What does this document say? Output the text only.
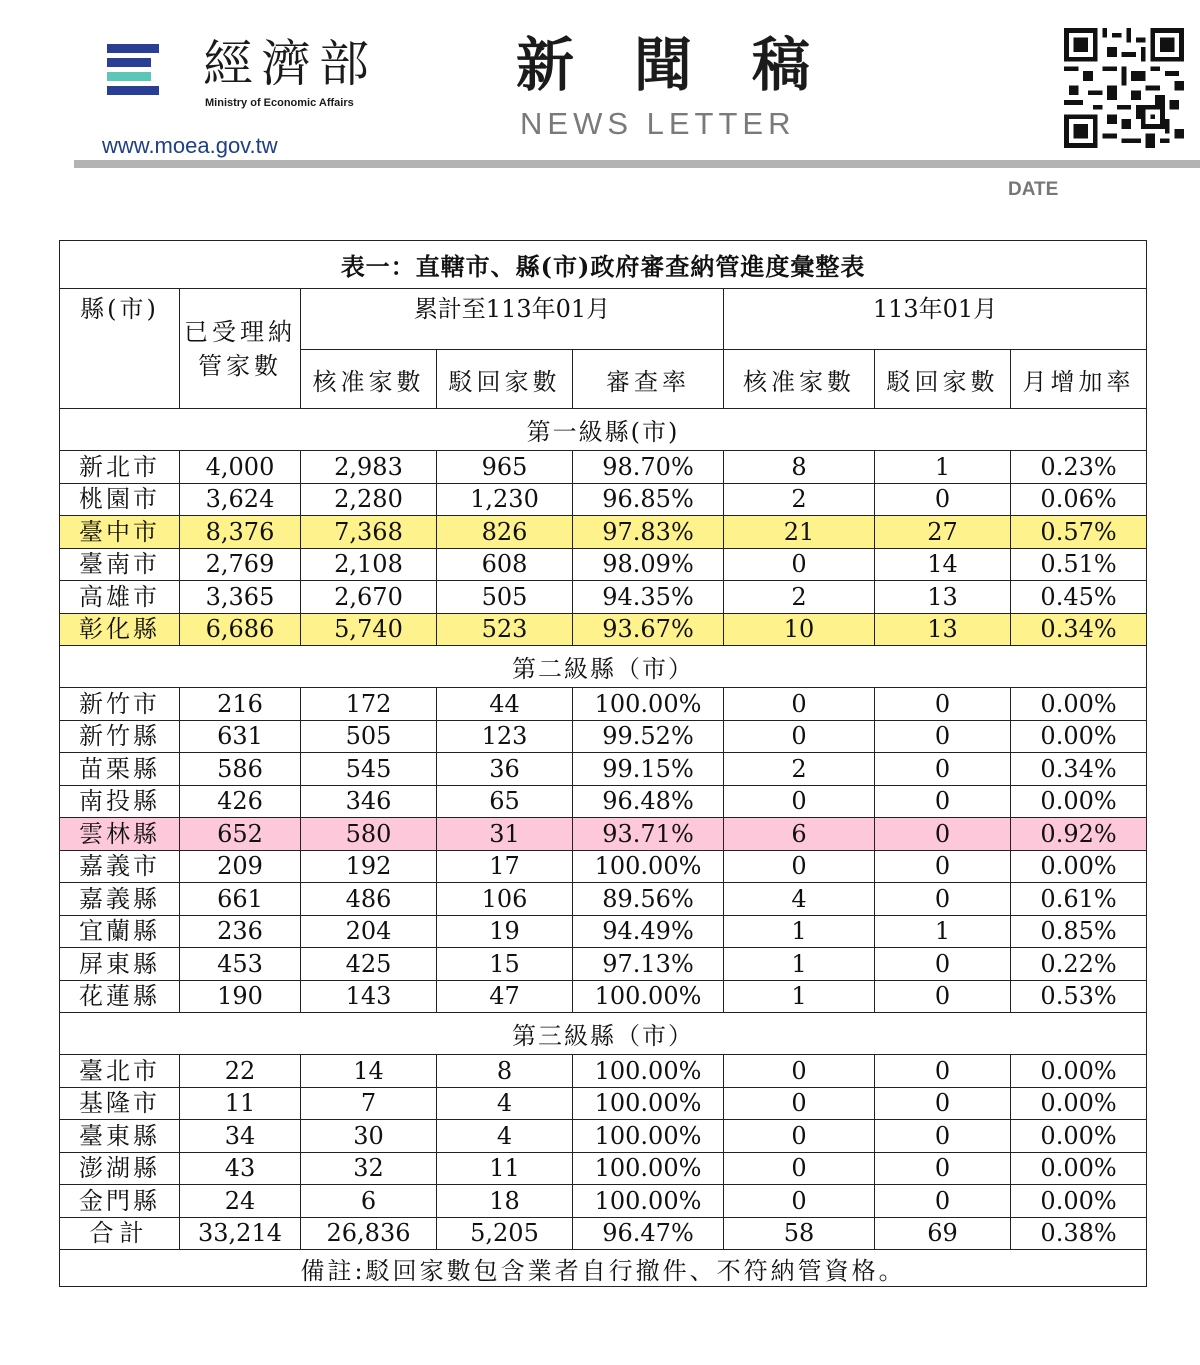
經濟部
Ministry of Economic Affairs
www.moea.gov.tw
新聞稿
NEWS LETTER
DATE
表一：直轄市、縣(市)政府審查納管進度彙整表							
縣(市)	已受理納
管家數	累計至113年01月			113年01月		
		核准家數	駁回家數	審查率	核准家數	駁回家數	月增加率
第一級縣(市)							
新北市	4,000	2,983	965	98.70%	8	1	0.23%
桃園市	3,624	2,280	1,230	96.85%	2	0	0.06%
臺中市	8,376	7,368	826	97.83%	21	27	0.57%
臺南市	2,769	2,108	608	98.09%	0	14	0.51%
高雄市	3,365	2,670	505	94.35%	2	13	0.45%
彰化縣	6,686	5,740	523	93.67%	10	13	0.34%
第二級縣（市）							
新竹市	216	172	44	100.00%	0	0	0.00%
新竹縣	631	505	123	99.52%	0	0	0.00%
苗栗縣	586	545	36	99.15%	2	0	0.34%
南投縣	426	346	65	96.48%	0	0	0.00%
雲林縣	652	580	31	93.71%	6	0	0.92%
嘉義市	209	192	17	100.00%	0	0	0.00%
嘉義縣	661	486	106	89.56%	4	0	0.61%
宜蘭縣	236	204	19	94.49%	1	1	0.85%
屏東縣	453	425	15	97.13%	1	0	0.22%
花蓮縣	190	143	47	100.00%	1	0	0.53%
第三級縣（市）							
臺北市	22	14	8	100.00%	0	0	0.00%
基隆市	11	7	4	100.00%	0	0	0.00%
臺東縣	34	30	4	100.00%	0	0	0.00%
澎湖縣	43	32	11	100.00%	0	0	0.00%
金門縣	24	6	18	100.00%	0	0	0.00%
合計	33,214	26,836	5,205	96.47%	58	69	0.38%
備註:駁回家數包含業者自行撤件、不符納管資格。							
